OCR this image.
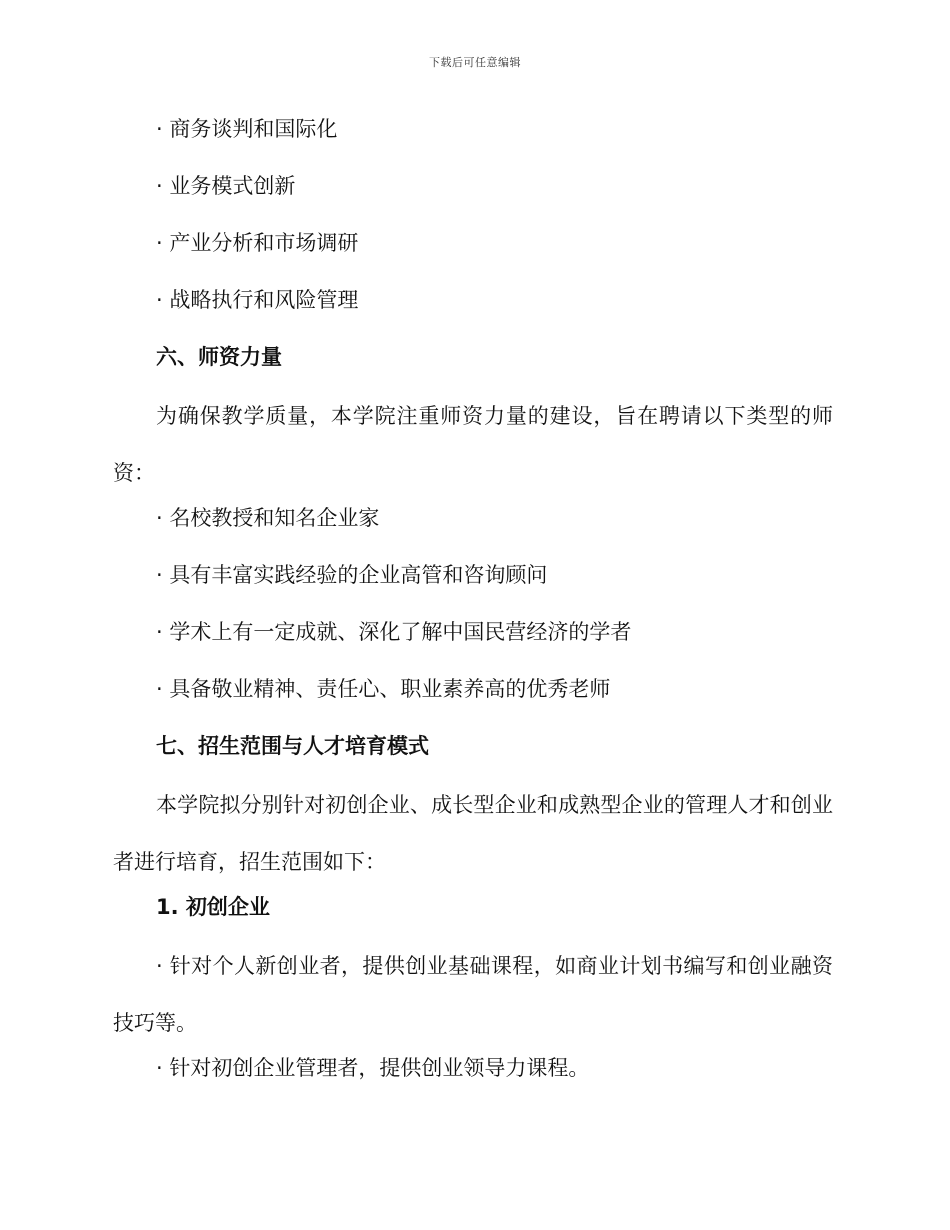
下载后可任意编辑
· 商务谈判和国际化
· 业务模式创新
· 产业分析和市场调研
· 战略执行和风险管理
六、师资力量
为确保教学质量，本学院注重师资力量的建设，旨在聘请以下类型的师资：
· 名校教授和知名企业家
· 具有丰富实践经验的企业高管和咨询顾问
· 学术上有一定成就、深化了解中国民营经济的学者
· 具备敬业精神、责任心、职业素养高的优秀老师
七、招生范围与人才培育模式
本学院拟分别针对初创企业、成长型企业和成熟型企业的管理人才和创业者进行培育，招生范围如下：
1. 初创企业
· 针对个人新创业者，提供创业基础课程，如商业计划书编写和创业融资技巧等。
· 针对初创企业管理者，提供创业领导力课程。
